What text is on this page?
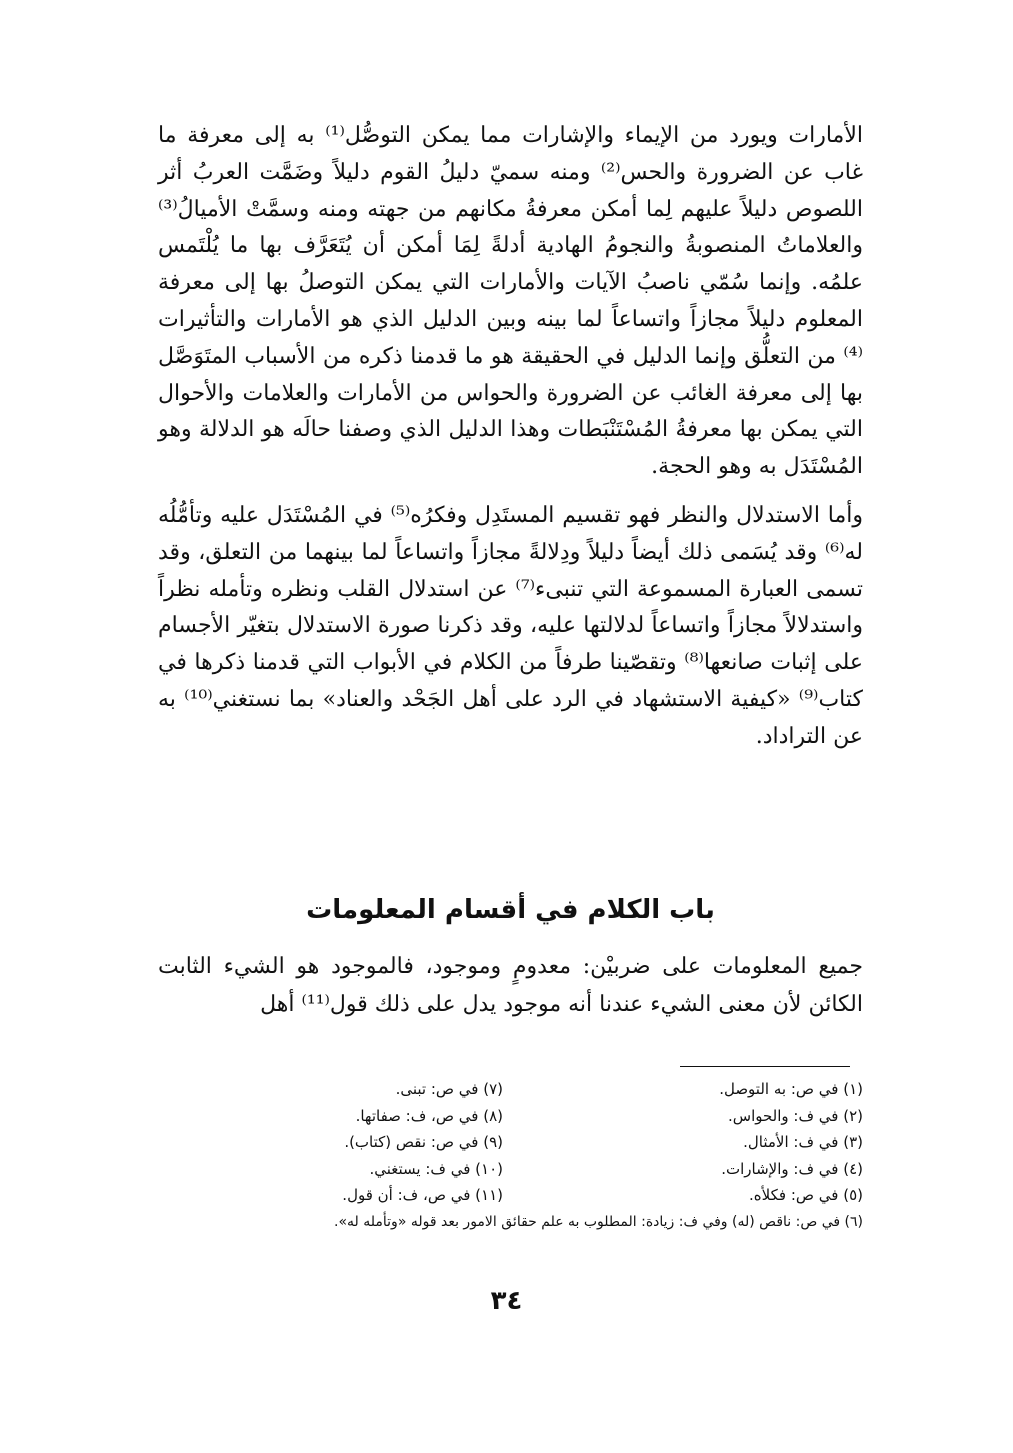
الأمارات ويورد من الإيماء والإشارات مما يمكن التوصُّل⁽¹⁾ به إلى معرفة ما غاب عن الضرورة والحس⁽²⁾ ومنه سميّ دليلُ القوم دليلاً وضَمَّت العربُ أثر اللصوص دليلاً عليهم لِما أمكن معرفةُ مكانهم من جهته ومنه وسمَّتْ الأميالُ⁽³⁾ والعلاماتُ المنصوبةُ والنجومُ الهادية أدلةً لِمَا أمكن أن يُتَعَرَّف بها ما يُلْتَمس علمُه. وإنما سُمّي ناصبُ الآيات والأمارات التي يمكن التوصلُ بها إلى معرفة المعلوم دليلاً مجازاً واتساعاً لما بينه وبين الدليل الذي هو الأمارات والتأثيرات ⁽⁴⁾ من التعلُّق وإنما الدليل في الحقيقة هو ما قدمنا ذكره من الأسباب المتَوَصَّل بها إلى معرفة الغائب عن الضرورة والحواس من الأمارات والعلامات والأحوال التي يمكن بها معرفةُ المُسْتَنْبَطات وهذا الدليل الذي وصفنا حالَه هو الدلالة وهو المُسْتَدَل به وهو الحجة.

وأما الاستدلال والنظر فهو تقسيم المستَدِل وفكرُه⁽⁵⁾ في المُسْتَدَل عليه وتأمُّلُه له⁽⁶⁾ وقد يُسَمى ذلك أيضاً دليلاً ودِلالةً مجازاً واتساعاً لما بينهما من التعلق، وقد تسمى العبارة المسموعة التي تنبىء⁽⁷⁾ عن استدلال القلب ونظره وتأمله نظراً واستدلالاً مجازاً واتساعاً لدلالتها عليه، وقد ذكرنا صورة الاستدلال بتغيّر الأجسام على إثبات صانعها⁽⁸⁾ وتقصّينا طرفاً من الكلام في الأبواب التي قدمنا ذكرها في كتاب⁽⁹⁾ «كيفية الاستشهاد في الرد على أهل الجَحْد والعناد» بما نستغني⁽¹⁰⁾ به عن التراداد.

باب الكلام في أقسام المعلومات

جميع المعلومات على ضربيْن: معدومٍ وموجود، فالموجود هو الشيء الثابت الكائن لأن معنى الشيء عندنا أنه موجود يدل على ذلك قول⁽¹¹⁾ أهل

(١) في ص: به التوصل.
(٢) في ف: والحواس.
(٣) في ف: الأمثال.
(٤) في ف: والإشارات.
(٥) في ص: فكلأه.
(٧) في ص: تبنى.
(٨) في ص، ف: صفاتها.
(٩) في ص: نقص (كتاب).
(١٠) في ف: يستغني.
(١١) في ص، ف: أن قول.
(٦) في ص: ناقص (له) وفي ف: زيادة: المطلوب به علم حقائق الامور بعد قوله «وتأمله له».
٣٤
